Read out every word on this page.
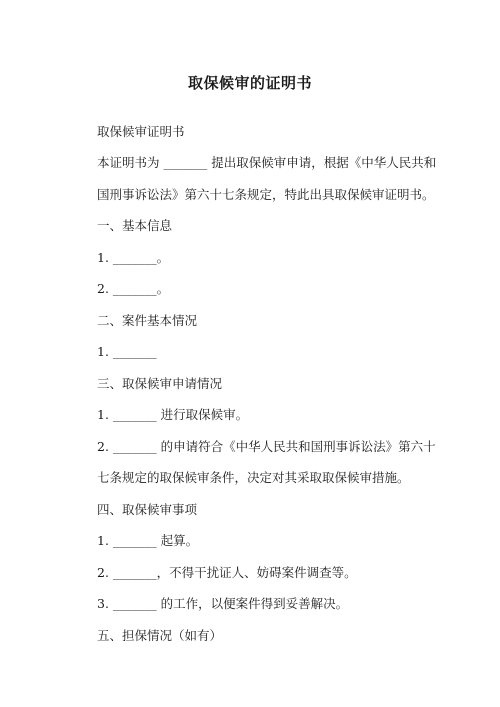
取保候审的证明书
取保候审证明书
本证明书为 _______ 提出取保候审申请，根据《中华人民共和
国刑事诉讼法》第六十七条规定，特此出具取保候审证明书。
一、基本信息
1. _______。
2. _______。
二、案件基本情况
1. _______
三、取保候审申请情况
1. _______ 进行取保候审。
2. _______ 的申请符合《中华人民共和国刑事诉讼法》第六十
七条规定的取保候审条件，决定对其采取取保候审措施。
四、取保候审事项
1. _______ 起算。
2. _______，不得干扰证人、妨碍案件调查等。
3. _______ 的工作，以便案件得到妥善解决。
五、担保情况（如有）
